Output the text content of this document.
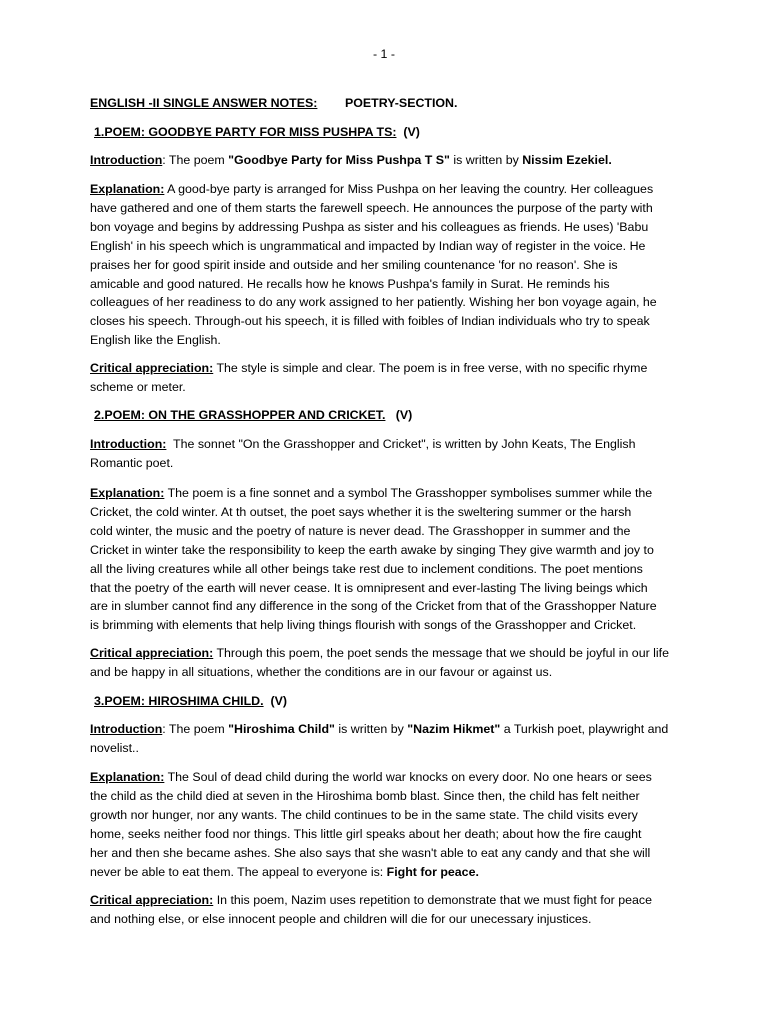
- 1 -
ENGLISH -II SINGLE ANSWER NOTES: POETRY-SECTION.
1.POEM: GOODBYE PARTY FOR MISS PUSHPA TS: (V)
Introduction: The poem "Goodbye Party for Miss Pushpa T S" is written by Nissim Ezekiel.
Explanation: A good-bye party is arranged for Miss Pushpa on her leaving the country. Her colleagues
have gathered and one of them starts the farewell speech. He announces the purpose of the party with
bon voyage and begins by addressing Pushpa as sister and his colleagues as friends. He uses) 'Babu
English' in his speech which is ungrammatical and impacted by Indian way of register in the voice. He
praises her for good spirit inside and outside and her smiling countenance 'for no reason'. She is
amicable and good natured. He recalls how he knows Pushpa's family in Surat. He reminds his
colleagues of her readiness to do any work assigned to her patiently. Wishing her bon voyage again, he
closes his speech. Through-out his speech, it is filled with foibles of Indian individuals who try to speak
English like the English.
Critical appreciation: The style is simple and clear. The poem is in free verse, with no specific rhyme
scheme or meter.
2.POEM: ON THE GRASSHOPPER AND CRICKET. (V)
Introduction:  The sonnet "On the Grasshopper and Cricket", is written by John Keats, The English
Romantic poet.
Explanation: The poem is a fine sonnet and a symbol The Grasshopper symbolises summer while the
Cricket, the cold winter. At th outset, the poet says whether it is the sweltering summer or the harsh
cold winter, the music and the poetry of nature is never dead. The Grasshopper in summer and the
Cricket in winter take the responsibility to keep the earth awake by singing They give warmth and joy to
all the living creatures while all other beings take rest due to inclement conditions. The poet mentions
that the poetry of the earth will never cease. It is omnipresent and ever-lasting The living beings which
are in slumber cannot find any difference in the song of the Cricket from that of the Grasshopper Nature
is brimming with elements that help living things flourish with songs of the Grasshopper and Cricket.
Critical appreciation: Through this poem, the poet sends the message that we should be joyful in our life
and be happy in all situations, whether the conditions are in our favour or against us.
3.POEM: HIROSHIMA CHILD. (V)
Introduction: The poem "Hiroshima Child" is written by "Nazim Hikmet" a Turkish poet, playwright and
novelist..
Explanation: The Soul of dead child during the world war knocks on every door. No one hears or sees
the child as the child died at seven in the Hiroshima bomb blast. Since then, the child has felt neither
growth nor hunger, nor any wants. The child continues to be in the same state. The child visits every
home, seeks neither food nor things. This little girl speaks about her death; about how the fire caught
her and then she became ashes. She also says that she wasn't able to eat any candy and that she will
never be able to eat them. The appeal to everyone is: Fight for peace.
Critical appreciation: In this poem, Nazim uses repetition to demonstrate that we must fight for peace
and nothing else, or else innocent people and children will die for our unecessary injustices.
